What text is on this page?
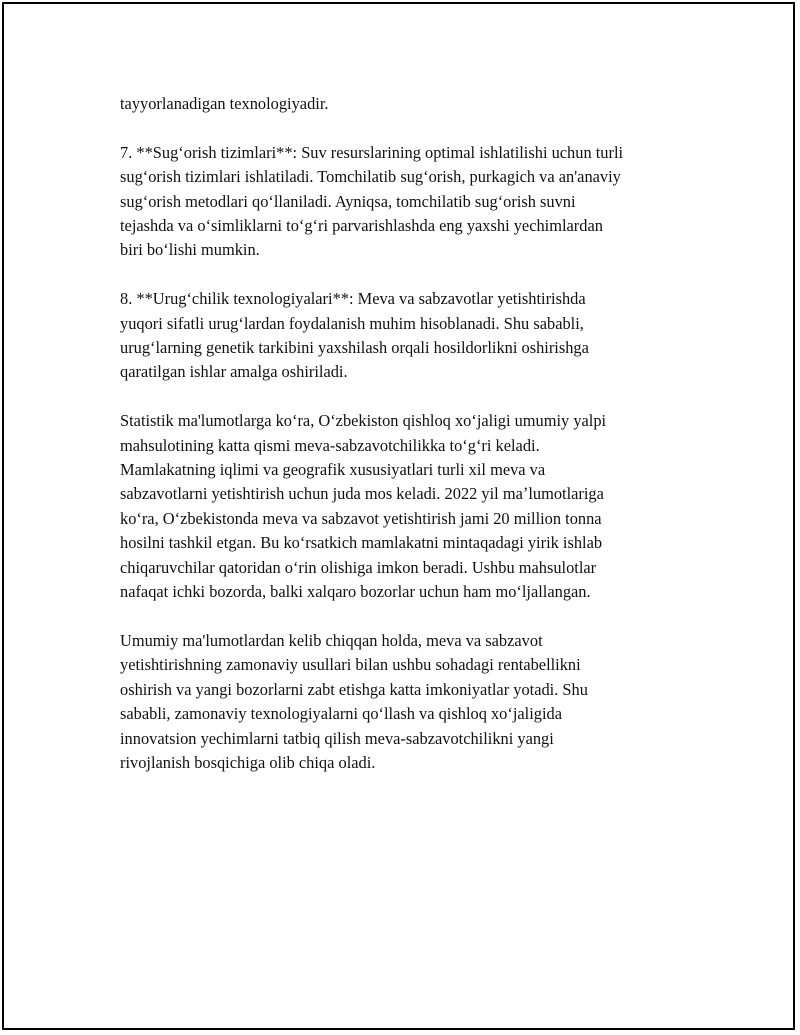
tayyorlanadigan texnologiyadir.

7. **Sugʻorish tizimlari**: Suv resurslarining optimal ishlatilishi uchun turli
sugʻorish tizimlari ishlatiladi. Tomchilatib sugʻorish, purkagich va an'anaviy
sugʻorish metodlari qoʻllaniladi. Ayniqsa, tomchilatib sugʻorish suvni
tejashda va oʻsimliklarni toʻgʻri parvarishlashda eng yaxshi yechimlardan
biri boʻlishi mumkin.

8. **Urugʻchilik texnologiyalari**: Meva va sabzavotlar yetishtirishda
yuqori sifatli urugʻlardan foydalanish muhim hisoblanadi. Shu sababli,
urugʻlarning genetik tarkibini yaxshilash orqali hosildorlikni oshirishga
qaratilgan ishlar amalga oshiriladi.

Statistik ma'lumotlarga koʻra, Oʻzbekiston qishloq xoʻjaligi umumiy yalpi
mahsulotining katta qismi meva-sabzavotchilikka toʻgʻri keladi.
Mamlakatning iqlimi va geografik xususiyatlari turli xil meva va
sabzavotlarni yetishtirish uchun juda mos keladi. 2022 yil maʼlumotlariga
koʻra, Oʻzbekistonda meva va sabzavot yetishtirish jami 20 million tonna
hosilni tashkil etgan. Bu koʻrsatkich mamlakatni mintaqadagi yirik ishlab
chiqaruvchilar qatoridan oʻrin olishiga imkon beradi. Ushbu mahsulotlar
nafaqat ichki bozorda, balki xalqaro bozorlar uchun ham moʻljallangan.

Umumiy ma'lumotlardan kelib chiqqan holda, meva va sabzavot
yetishtirishning zamonaviy usullari bilan ushbu sohadagi rentabellikni
oshirish va yangi bozorlarni zabt etishga katta imkoniyatlar yotadi. Shu
sababli, zamonaviy texnologiyalarni qoʻllash va qishloq xoʻjaligida
innovatsion yechimlarni tatbiq qilish meva-sabzavotchilikni yangi
rivojlanish bosqichiga olib chiqa oladi.
